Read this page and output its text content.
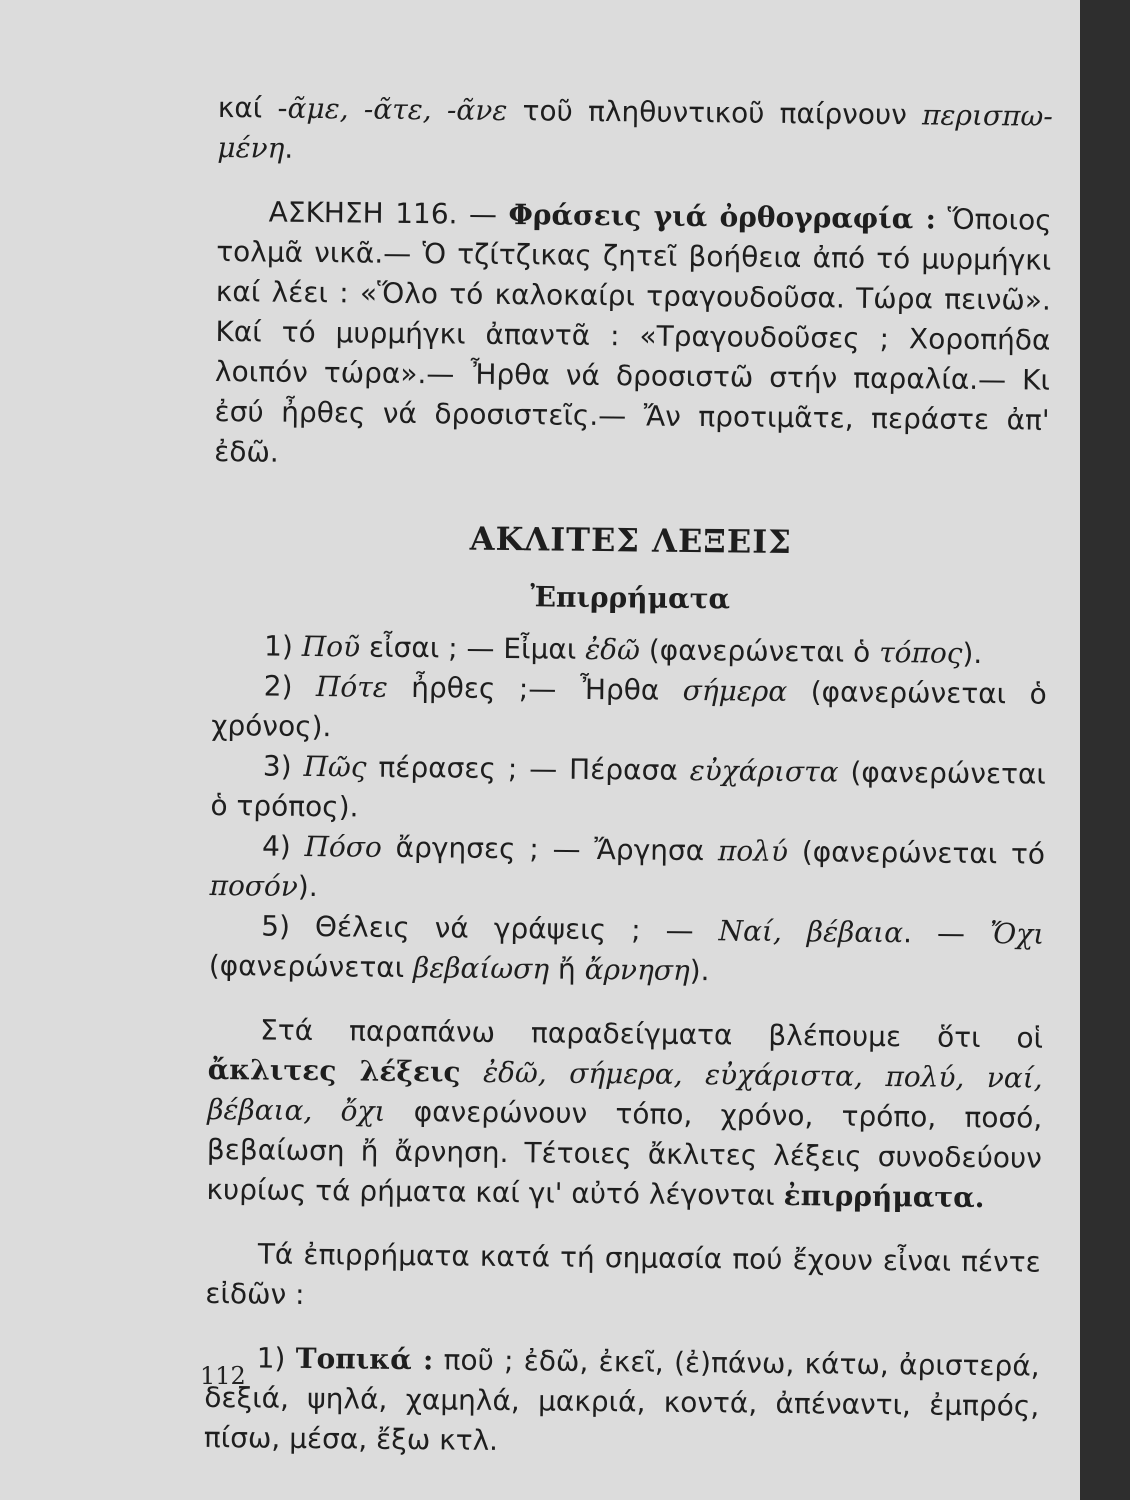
καί -ᾶμε, -ᾶτε, -ᾶνε τοῦ πληθυντικοῦ παίρνουν περισπω-μένη.

ΑΣΚΗΣΗ 116. — Φράσεις γιά ὀρθογραφία : Ὅποιος τολμᾶ νικᾶ.— Ὁ τζίτζικας ζητεῖ βοήθεια ἀπό τό μυρμήγκι καί λέει : «Ὅλο τό καλοκαίρι τραγουδοῦσα. Τώρα πεινῶ». Καί τό μυρμήγκι ἀπαντᾶ : «Τραγουδοῦσες ; Χοροπήδα λοιπόν τώρα».— Ἦρθα νά δροσιστῶ στήν παραλία.— Κι ἐσύ ἦρθες νά δροσιστεῖς.— Ἄν προτιμᾶτε, περάστε ἀπ' ἐδῶ.

ΑΚΛΙΤΕΣ ΛΕΞΕΙΣ
Ἐπιρρήματα

1) Ποῦ εἶσαι ; — Εἶμαι ἐδῶ (φανερώνεται ὁ τόπος).

2) Πότε ἦρθες ;— Ἦρθα σήμερα (φανερώνεται ὁ χρόνος).

3) Πῶς πέρασες ; — Πέρασα εὐχάριστα (φανερώνεται ὁ τρόπος).

4) Πόσο ἄργησες ; — Ἄργησα πολύ (φανερώνεται τό ποσόν).

5) Θέλεις νά γράψεις ; — Ναί, βέβαια. — Ὄχι (φανερώνεται βεβαίωση ἤ ἄρνηση).

Στά παραπάνω παραδείγματα βλέπουμε ὅτι οἱ ἄκλιτες λέξεις ἐδῶ, σήμερα, εὐχάριστα, πολύ, ναί, βέβαια, ὄχι φανερώνουν τόπο, χρόνο, τρόπο, ποσό, βεβαίωση ἤ ἄρνηση. Τέτοιες ἄκλιτες λέξεις συνοδεύουν κυρίως τά ρήματα καί γι' αὐτό λέγονται ἐπιρρήματα.

Τά ἐπιρρήματα κατά τή σημασία πού ἔχουν εἶναι πέντε εἰδῶν :

1) Τοπικά : ποῦ ; ἐδῶ, ἐκεῖ, (ἐ)πάνω, κάτω, ἀριστερά, δεξιά, ψηλά, χαμηλά, μακριά, κοντά, ἀπέναντι, ἐμπρός, πίσω, μέσα, ἔξω κτλ.

112
